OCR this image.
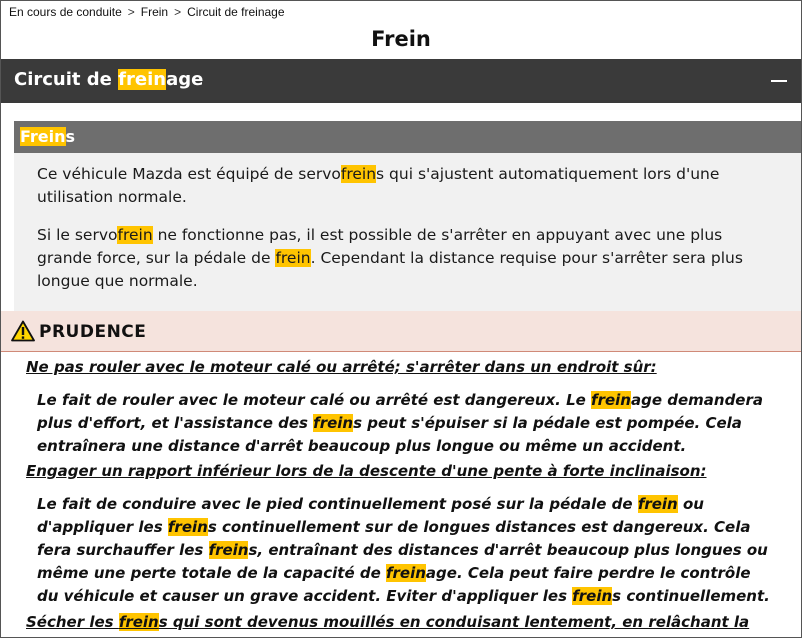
En cours de conduite > Frein > Circuit de freinage
Frein
Circuit de freinage
Freins
Ce véhicule Mazda est équipé de servofreins qui s'ajustent automatiquement lors d'une utilisation normale.
Si le servofrein ne fonctionne pas, il est possible de s'arrêter en appuyant avec une plus grande force, sur la pédale de frein. Cependant la distance requise pour s'arrêter sera plus longue que normale.
PRUDENCE
Ne pas rouler avec le moteur calé ou arrêté; s'arrêter dans un endroit sûr:
Le fait de rouler avec le moteur calé ou arrêté est dangereux. Le freinage demandera plus d'effort, et l'assistance des freins peut s'épuiser si la pédale est pompée. Cela entraînera une distance d'arrêt beaucoup plus longue ou même un accident.
Engager un rapport inférieur lors de la descente d'une pente à forte inclinaison:
Le fait de conduire avec le pied continuellement posé sur la pédale de frein ou d'appliquer les freins continuellement sur de longues distances est dangereux. Cela fera surchauffer les freins, entraînant des distances d'arrêt beaucoup plus longues ou même une perte totale de la capacité de freinage. Cela peut faire perdre le contrôle du véhicule et causer un grave accident. Eviter d'appliquer les freins continuellement.
Sécher les freins qui sont devenus mouillés en conduisant lentement, en relâchant la
